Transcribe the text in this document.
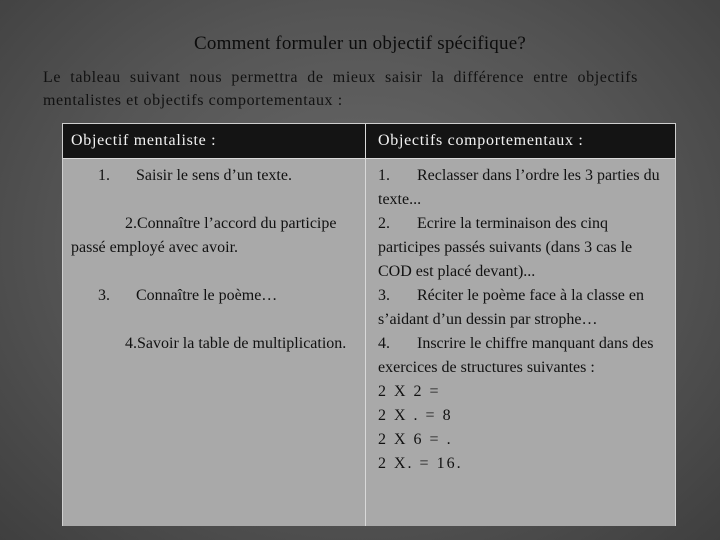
Comment formuler un objectif spécifique?
Le tableau suivant nous permettra de mieux saisir la différence entre objectifs mentalistes et objectifs comportementaux :
Objectif mentaliste :	Objectifs comportementaux :
1. Saisir le sens d’un texte.
2.Connaître l’accord du participe passé employé avec avoir.
3. Connaître le poème…
4.Savoir la table de multiplication.
1. Reclasser dans l’ordre les 3 parties du texte...
2. Ecrire la terminaison des cinq participes passés suivants (dans 3 cas le COD est placé devant)...
3. Réciter le poème face à la classe en s’aidant d’un dessin par strophe…
4. Inscrire le chiffre manquant dans des exercices de structures suivantes :
2 X 2 =
2 X . = 8
2 X 6 = .
2 X. = 16.
